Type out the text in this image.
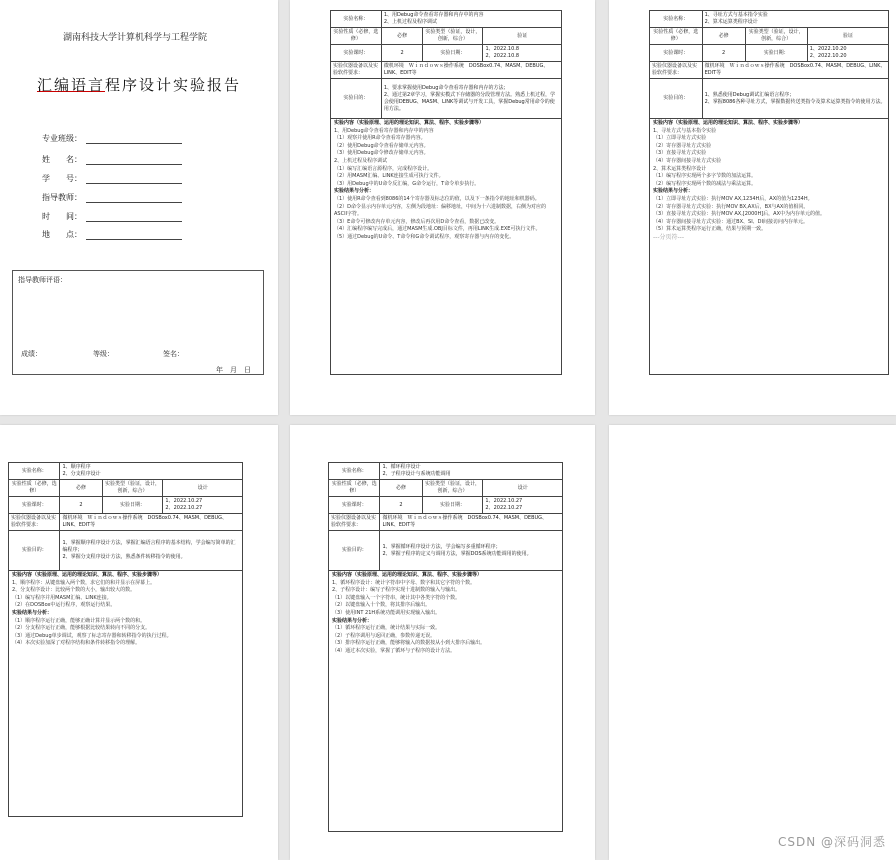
湖南科技大学计算机科学与工程学院
汇编语言程序设计实验报告
专业班级：
姓　　名：
学　　号：
指导教师：
时　　间：
地　　点：
指导教师评语：
成绩：	等级：	签名：
年　月　日
实验名称：	1、用Debug命令查看寄存器和内存中的内容
2、上机过程及程序调试		

实验性质（必修，选修）	必修	实验类型（验证，设计，创新，综合）	验证
实验课时：	2	实验日期：	1、2022.10.8
2、2022.10.8

实验仪器设备以及实验软件要求：	微机环境　Ｗｉｎｄｏｗｓ操作系统　DOSBox0.74、MASM、DEBUG、LINK、EDIT等		
实验目的：	1、要求掌握使用Debug命令查看寄存器和内存的方法；
2、通过第2章学习，掌握实模式下存储器的分段管理方法。熟悉上机过程，学会使用DEBUG、MASM、LINK等调试与开发工具，掌握Debug常用命令的使用方法。		
实验内容（实验原理、运用的理论知识、算法、程序、实验步骤等）
1、用Debug命令查看寄存器和内存中的内容
（1）观察并使用R命令查看寄存器内容。
（2）使用Debug命令查看存储单元内容。
（3）使用Debug命令修改存储单元内容。
2、上机过程及程序调试
（1）编写汇编语言源程序，完成程序设计。
（2）用MASM汇编、LINK连接生成可执行文件。
（3）用Debug中的U命令反汇编，G命令运行，T命令单步执行。
实验结果与分析：
（1）使用R命令查看到8086的14个寄存器及标志位的值，以及下一条指令的地址和机器码。
（2）D命令显示内存单元内容，左侧为段地址：偏移地址，中间为十六进制数据，右侧为对应的ASCII字符。
（3）E命令可修改内存单元内容，修改后再次用D命令查看，数据已改变。
（4）汇编程序编写完成后，通过MASM生成.OBJ目标文件，再用LINK生成.EXE可执行文件。
（5）通过Debug的U命令、T命令和G命令调试程序，观察寄存器与内存的变化。
实验名称：	1、寻址方式与基本指令实验
2、算术运算类程序设计		

实验性质（必修，选修）	必修	实验类型（验证，设计，创新，综合）	验证
实验课时：	2	实验日期：	1、2022.10.20
2、2022.10.20

实验仪器设备以及实验软件要求：	微机环境　Ｗｉｎｄｏｗｓ操作系统　DOSBox0.74、MASM、DEBUG、LINK、EDIT等		
实验目的：	1、熟悉使用Debug调试汇编语言程序；
2、掌握8086各种寻址方式，掌握数据传送类指令及算术运算类指令的使用方法。		
实验内容（实验原理、运用的理论知识、算法、程序、实验步骤等）
1、寻址方式与基本指令实验
（1）立即寻址方式实验
（2）寄存器寻址方式实验
（3）直接寻址方式实验
（4）寄存器间接寻址方式实验
2、算术运算类程序设计
（1）编写程序实现两个多字节数的加法运算。
（2）编写程序实现两个数的减法与乘法运算。
实验结果与分析：
（1）立即寻址方式实验：执行MOV AX,1234H后，AX的值为1234H。
（2）寄存器寻址方式实验：执行MOV BX,AX后，BX与AX的值相同。
（3）直接寻址方式实验：执行MOV AX,[2000H]后，AX中为内存单元的值。
（4）寄存器间接寻址方式实验：通过BX、SI、DI间接访问内存单元。
（5）算术运算类程序运行正确，结果与预期一致。
---分页符---
实验名称：	1、顺序程序
2、分支程序设计		

实验性质（必修，选修）	必修	实验类型（验证，设计，创新，综合）	设计
实验课时：	2	实验日期：	1、2022.10.27
2、2022.10.27

实验仪器设备以及实验软件要求：	微机环境　Ｗｉｎｄｏｗｓ操作系统　DOSBox0.74、MASM、DEBUG、LINK、EDIT等		
实验目的：	1、掌握顺序程序设计方法，掌握汇编语言程序的基本结构，学会编写简单的汇编程序；
2、掌握分支程序设计方法，熟悉条件转移指令的使用。		
实验内容（实验原理、运用的理论知识、算法、程序、实验步骤等）
1、顺序程序：从键盘输入两个数，求它们的和并显示在屏幕上。
2、分支程序设计：比较两个数的大小，输出较大的数。
（1）编写程序并用MASM汇编、LINK连接。
（2）在DOSBox中运行程序，观察运行结果。
实验结果与分析：
（1）顺序程序运行正确，能够正确计算并显示两个数的和。
（2）分支程序运行正确，能够根据比较结果转向不同的分支。
（3）通过Debug单步调试，观察了标志寄存器和转移指令的执行过程。
（4）本次实验加深了对程序结构和条件转移指令的理解。
实验名称：	1、循环程序设计
2、子程序设计与系统功能调用		

实验性质（必修，选修）	必修	实验类型（验证，设计，创新，综合）	设计
实验课时：	2	实验日期：	1、2022.10.27
2、2022.10.27

实验仪器设备以及实验软件要求：	微机环境　Ｗｉｎｄｏｗｓ操作系统　DOSBox0.74、MASM、DEBUG、LINK、EDIT等		
实验目的：	1、掌握循环程序设计方法，学会编写多重循环程序；
2、掌握子程序的定义与调用方法，掌握DOS系统功能调用的使用。		
实验内容（实验原理、运用的理论知识、算法、程序、实验步骤等）
1、循环程序设计：统计字符串中字母、数字和其它字符的个数。
2、子程序设计：编写子程序实现十进制数的输入与输出。
（1）以键盘输入一个字符串，统计其中各类字符的个数。
（2）以键盘输入十个数，将其排序后输出。
（3）使用INT 21H系统功能调用实现输入输出。
实验结果与分析：
（1）循环程序运行正确，统计结果与实际一致。
（2）子程序调用与返回正确，参数传递无误。
（3）排序程序运行正确，能够将输入的数据按从小到大排序后输出。
（4）通过本次实验，掌握了循环与子程序的设计方法。
CSDN @深码洞悉
